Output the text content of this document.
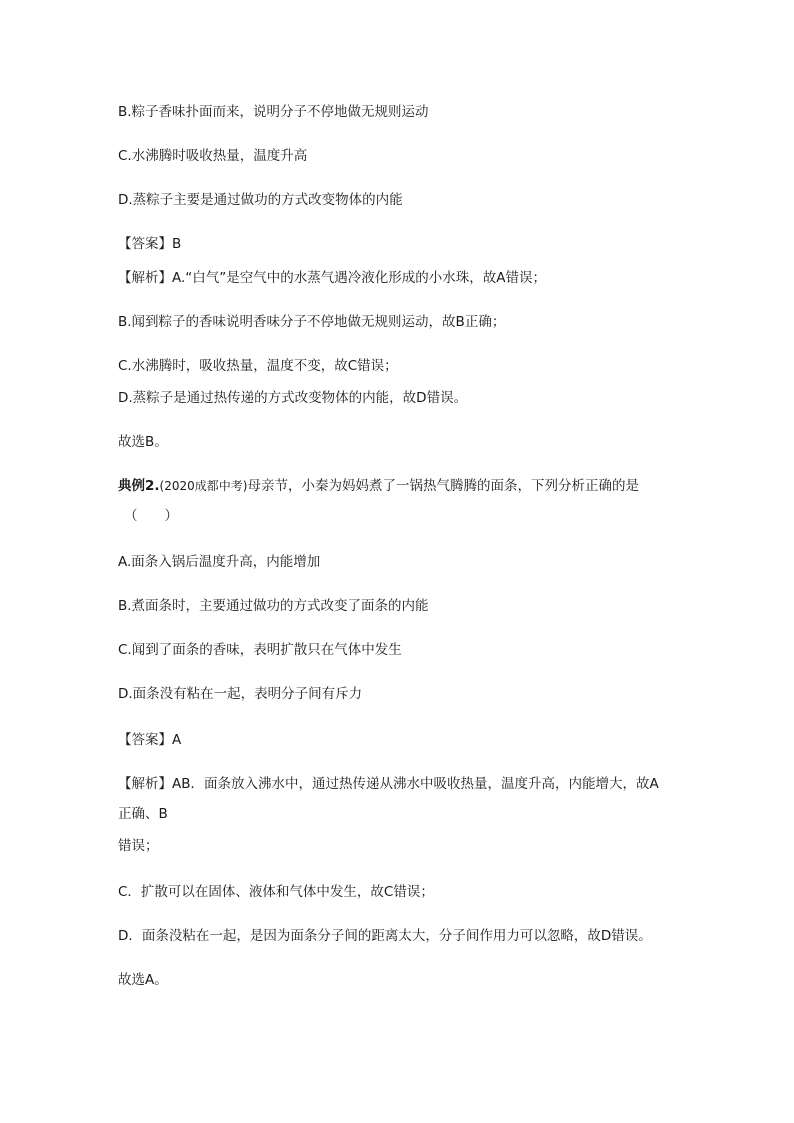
B.粽子香味扑面而来，说明分子不停地做无规则运动
C.水沸腾时吸收热量，温度升高
D.蒸粽子主要是通过做功的方式改变物体的内能
【答案】B
【解析】A.“白气”是空气中的水蒸气遇冷液化形成的小水珠，故A错误；
B.闻到粽子的香味说明香味分子不停地做无规则运动，故B正确；
C.水沸腾时，吸收热量，温度不变，故C错误；
D.蒸粽子是通过热传递的方式改变物体的内能，故D错误。
故选B。
典例2.(2020成都中考)母亲节，小秦为妈妈煮了一锅热气腾腾的面条，下列分析正确的是
（　　）
A.面条入锅后温度升高，内能增加
B.煮面条时，主要通过做功的方式改变了面条的内能
C.闻到了面条的香味，表明扩散只在气体中发生
D.面条没有粘在一起，表明分子间有斥力
【答案】A
【解析】AB．面条放入沸水中，通过热传递从沸水中吸收热量，温度升高，内能增大，故A
正确、B
错误；
C．扩散可以在固体、液体和气体中发生，故C错误；
D．面条没粘在一起，是因为面条分子间的距离太大，分子间作用力可以忽略，故D错误。
故选A。
